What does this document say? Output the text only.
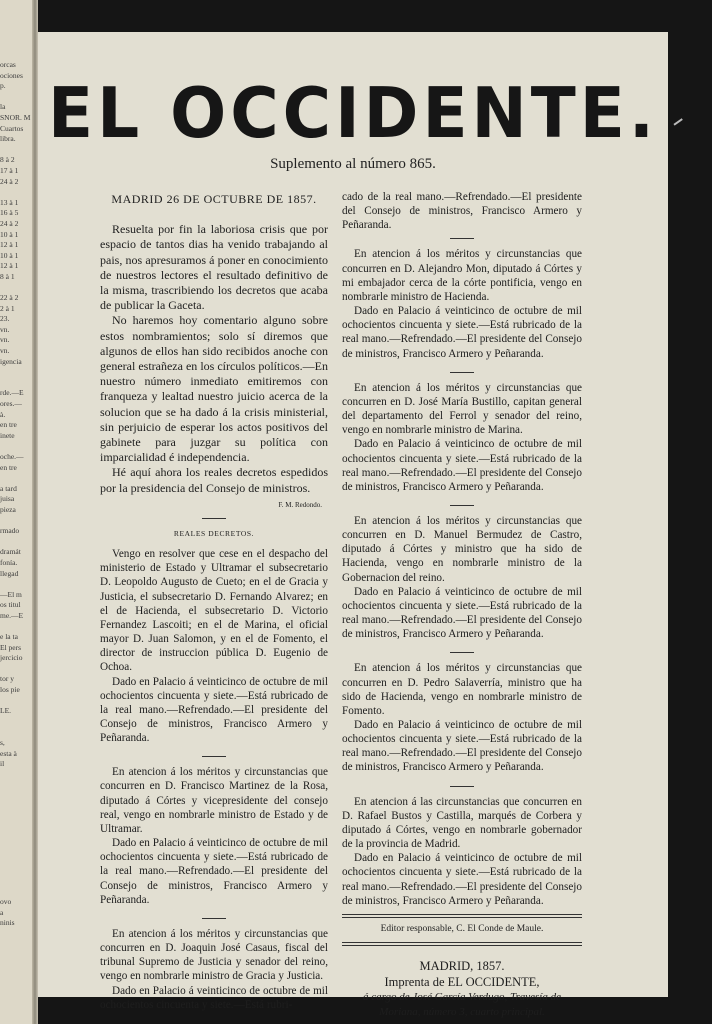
orcas
ociones
p.
la
SNOR. M
Cuartos
libra.
8 à 2
17 à 1
24 à 2
13 à 1
16 à 5
24 à 2
10 à 1
12 à 1
10 à 1
12 à 1
8 à 1
22 à 2
2 à 1
23.
vn.
vn.
vn.
igencia
rde.—E
ores.—
à.
en tre
inete
oche.—
en tre
a tard
juisa
pieza
rmado
dramát
fonía.
llegad
—El m
os titul
me.—E
e la ta
El pers
jercicio
tor y
los pie
LE.
s,
esta à
il
ovo
a
ninis
EL OCCIDENTE.
Suplemento al número 865.
MADRID 26 DE OCTUBRE DE 1857.

Resuelta por fin la laboriosa crisis que por espacio de tantos dias ha venido trabajando al pais, nos apresuramos á poner en conocimiento de nuestros lectores el resultado definitivo de la misma, trascribiendo los decretos que acaba de publicar la Gaceta.

No haremos hoy comentario alguno sobre estos nombramientos; solo sí diremos que algunos de ellos han sido recibidos anoche con general estrañeza en los círculos políticos.—En nuestro número inmediato emitiremos con franqueza y lealtad nuestro juicio acerca de la solucion que se ha dado á la crisis ministerial, sin perjuicio de esperar los actos positivos del gabinete para juzgar su política con imparcialidad é independencia.

Hé aquí ahora los reales decretos espedidos por la presidencia del Consejo de ministros.

F. M. Redondo.
REALES DECRETOS.

Vengo en resolver que cese en el despacho del ministerio de Estado y Ultramar el subsecretario D. Leopoldo Augusto de Cueto; en el de Gracia y Justicia, el subsecretario D. Fernando Alvarez; en el de Hacienda, el subsecretario D. Victorio Fernandez Lascoiti; en el de Marina, el oficial mayor D. Juan Salomon, y en el de Fomento, el director de instruccion pública D. Eugenio de Ochoa.

Dado en Palacio á veinticinco de octubre de mil ochocientos cincuenta y siete.—Está rubricado de la real mano.—Refrendado.—El presidente del Consejo de ministros, Francisco Armero y Peñaranda.

En atencion á los méritos y circunstancias que concurren en D. Francisco Martinez de la Rosa, diputado á Córtes y vicepresidente del consejo real, vengo en nombrarle ministro de Estado y de Ultramar.

Dado en Palacio á veinticinco de octubre de mil ochocientos cincuenta y siete.—Está rubricado de la real mano.—Refrendado.—El presidente del Consejo de ministros, Francisco Armero y Peñaranda.

En atencion á los méritos y circunstancias que concurren en D. Joaquin José Casaus, fiscal del tribunal Supremo de Justicia y senador del reino, vengo en nombrarle ministro de Gracia y Justicia.

Dado en Palacio á veinticinco de octubre de mil ochocientos cincuenta y siete.—Está rubri-

cado de la real mano.—Refrendado.—El presidente del Consejo de ministros, Francisco Armero y Peñaranda.

En atencion á los méritos y circunstancias que concurren en D. Alejandro Mon, diputado á Córtes y mi embajador cerca de la córte pontificia, vengo en nombrarle ministro de Hacienda.

Dado en Palacio á veinticinco de octubre de mil ochocientos cincuenta y siete.—Está rubricado de la real mano.—Refrendado.—El presidente del Consejo de ministros, Francisco Armero y Peñaranda.

En atencion á los méritos y circunstancias que concurren en D. José María Bustillo, capitan general del departamento del Ferrol y senador del reino, vengo en nombrarle ministro de Marina.

Dado en Palacio á veinticinco de octubre de mil ochocientos cincuenta y siete.—Está rubricado de la real mano.—Refrendado.—El presidente del Consejo de ministros, Francisco Armero y Peñaranda.

En atencion á los méritos y circunstancias que concurren en D. Manuel Bermudez de Castro, diputado á Córtes y ministro que ha sido de Hacienda, vengo en nombrarle ministro de la Gobernacion del reino.

Dado en Palacio á veinticinco de octubre de mil ochocientos cincuenta y siete.—Está rubricado de la real mano.—Refrendado.—El presidente del Consejo de ministros, Francisco Armero y Peñaranda.

En atencion á los méritos y circunstancias que concurren en D. Pedro Salaverría, ministro que ha sido de Hacienda, vengo en nombrarle ministro de Fomento.

Dado en Palacio á veinticinco de octubre de mil ochocientos cincuenta y siete.—Está rubricado de la real mano.—Refrendado.—El presidente del Consejo de ministros, Francisco Armero y Peñaranda.

En atencion á las circunstancias que concurren en D. Rafael Bustos y Castilla, marqués de Corbera y diputado á Córtes, vengo en nombrarle gobernador de la provincia de Madrid.

Dado en Palacio á veinticinco de octubre de mil ochocientos cincuenta y siete.—Está rubricado de la real mano.—Refrendado.—El presidente del Consejo de ministros, Francisco Armero y Peñaranda.

Editor responsable, C. El Conde de Maule.
MADRID, 1857.
Imprenta de EL OCCIDENTE,
á cargo de José García Verdugo, Travesía de
Moriana, número 3, cuarto principal.
